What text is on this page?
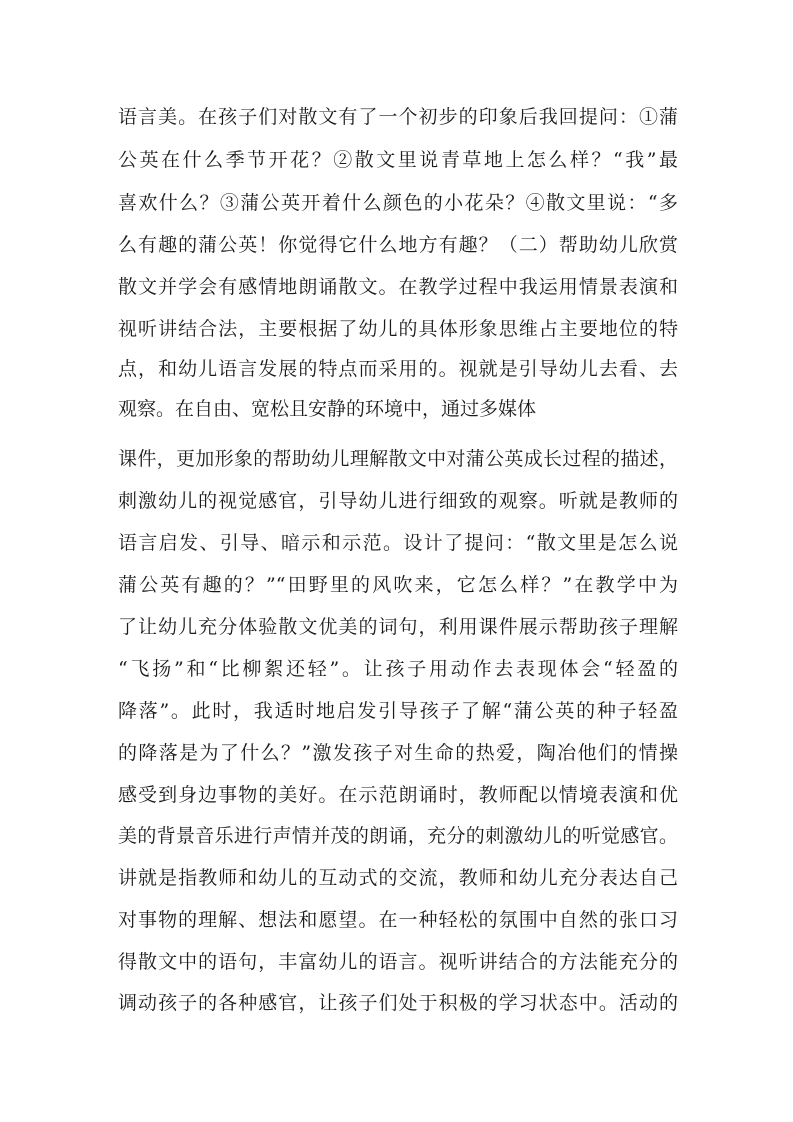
语言美。在孩子们对散文有了一个初步的印象后我回提问：①蒲
公英在什么季节开花？②散文里说青草地上怎么样？“我”最
喜欢什么？③蒲公英开着什么颜色的小花朵？④散文里说：“多
么有趣的蒲公英！你觉得它什么地方有趣？（二）帮助幼儿欣赏
散文并学会有感情地朗诵散文。在教学过程中我运用情景表演和
视听讲结合法，主要根据了幼儿的具体形象思维占主要地位的特
点，和幼儿语言发展的特点而采用的。视就是引导幼儿去看、去
观察。在自由、宽松且安静的环境中，通过多媒体
课件，更加形象的帮助幼儿理解散文中对蒲公英成长过程的描述，
刺激幼儿的视觉感官，引导幼儿进行细致的观察。听就是教师的
语言启发、引导、暗示和示范。设计了提问：“散文里是怎么说
蒲公英有趣的？”“田野里的风吹来，它怎么样？”在教学中为
了让幼儿充分体验散文优美的词句，利用课件展示帮助孩子理解
“飞扬”和“比柳絮还轻”。让孩子用动作去表现体会“轻盈的
降落”。此时，我适时地启发引导孩子了解“蒲公英的种子轻盈
的降落是为了什么？”激发孩子对生命的热爱，陶冶他们的情操
感受到身边事物的美好。在示范朗诵时，教师配以情境表演和优
美的背景音乐进行声情并茂的朗诵，充分的刺激幼儿的听觉感官。
讲就是指教师和幼儿的互动式的交流，教师和幼儿充分表达自己
对事物的理解、想法和愿望。在一种轻松的氛围中自然的张口习
得散文中的语句，丰富幼儿的语言。视听讲结合的方法能充分的
调动孩子的各种感官，让孩子们处于积极的学习状态中。活动的
